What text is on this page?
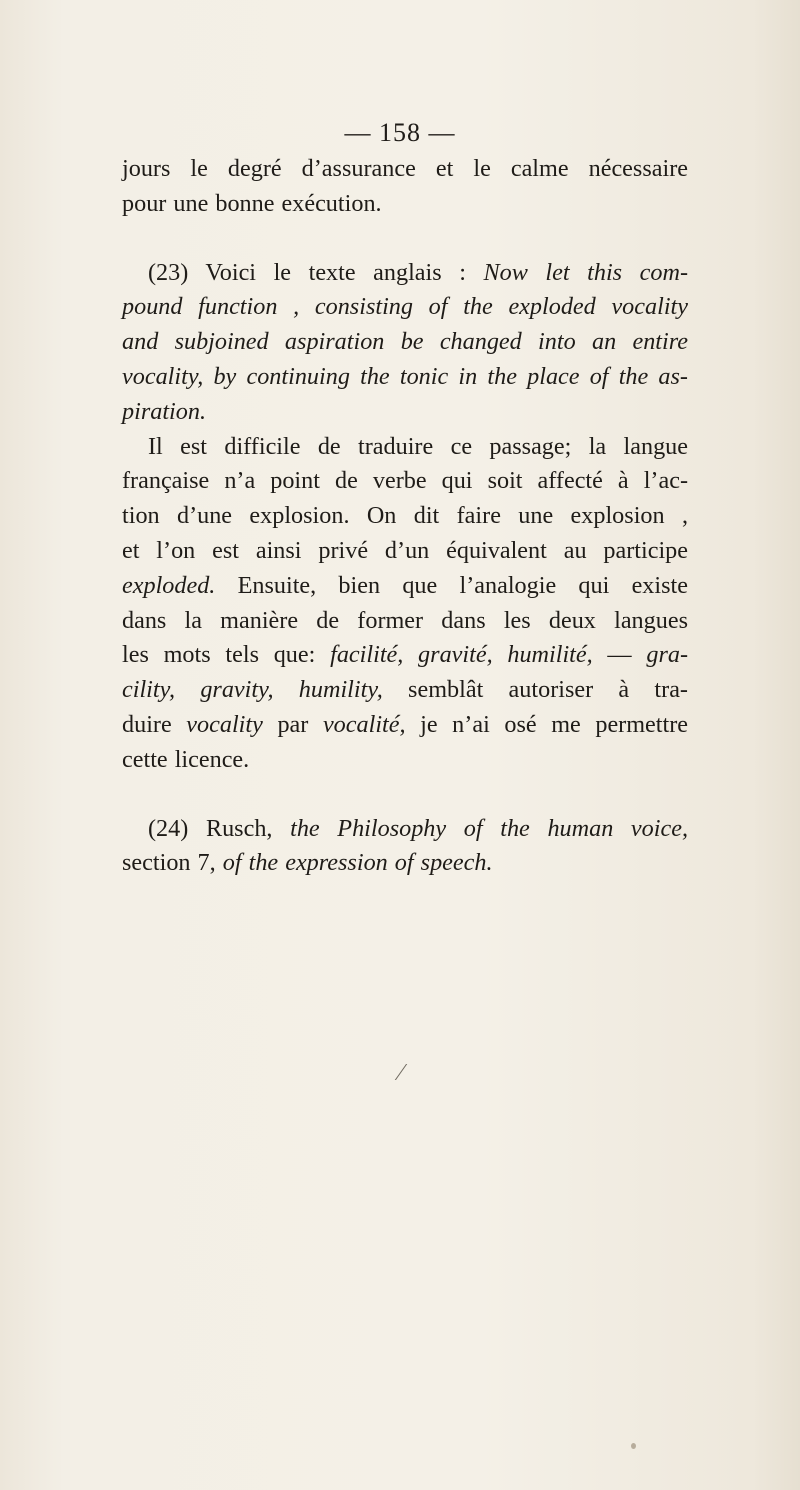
— 158 —
jours le degré d’assurance et le calme nécessaire
pour une bonne exécution.
(23) Voici le texte anglais : Now let this com-
pound function , consisting of the exploded vocality
and subjoined aspiration be changed into an entire
vocality, by continuing the tonic in the place of the as-
piration.
Il est difficile de traduire ce passage; la langue
française n’a point de verbe qui soit affecté à l’ac-
tion d’une explosion. On dit faire une explosion ,
et l’on est ainsi privé d’un équivalent au participe
exploded. Ensuite, bien que l’analogie qui existe
dans la manière de former dans les deux langues
les mots tels que: facilité, gravité, humilité, — gra-
cility, gravity, humility, semblât autoriser à tra-
duire vocality par vocalité, je n’ai osé me permettre
cette licence.
(24) Rusch, the Philosophy of the human voice,
section 7, of the expression of speech.
⁄
